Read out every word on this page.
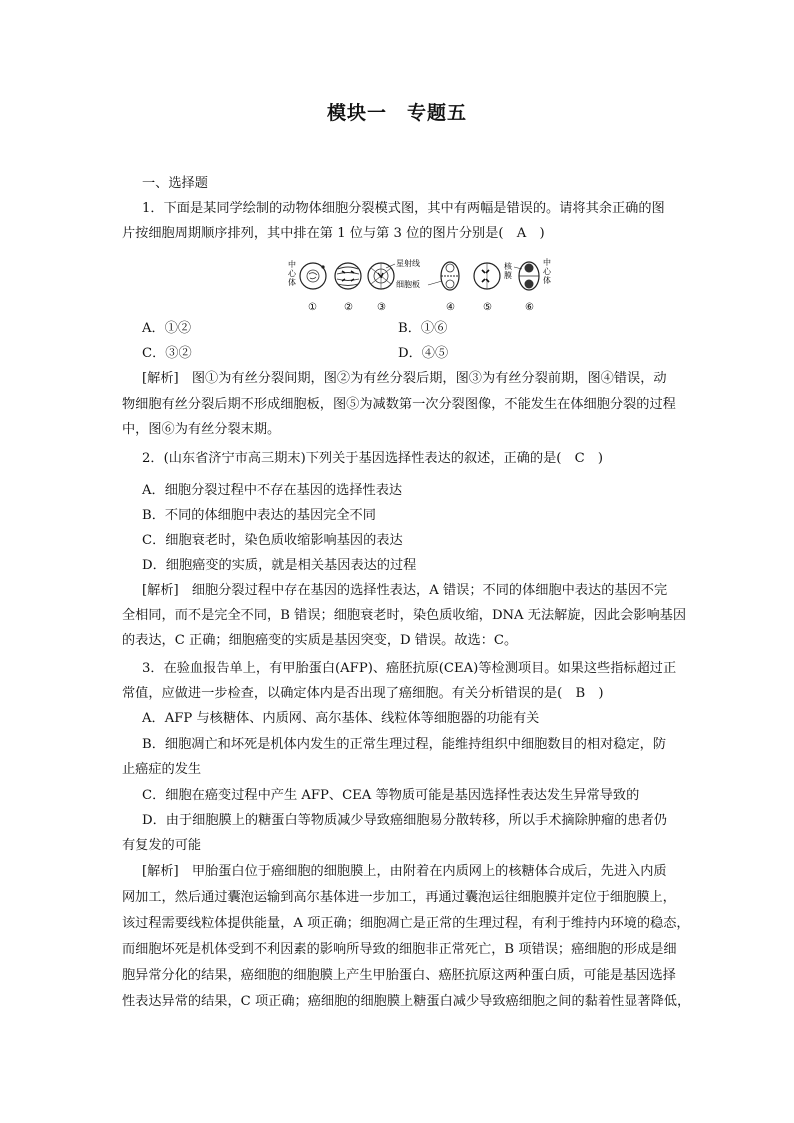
模块一　专题五
一、选择题
1．下面是某同学绘制的动物体细胞分裂模式图，其中有两幅是错误的。请将其余正确的图
片按细胞周期顺序排列，其中排在第 1 位与第 3 位的图片分别是(　A　)
中 心 体
星射线
细胞板
核 膜
中 心 体
①	② ③	④	⑤	⑥
A．①②	B．①⑥
C．③②	D．④⑤
[解析]　图①为有丝分裂间期，图②为有丝分裂后期，图③为有丝分裂前期，图④错误，动
物细胞有丝分裂后期不形成细胞板，图⑤为减数第一次分裂图像，不能发生在体细胞分裂的过程
中，图⑥为有丝分裂末期。
2．(山东省济宁市高三期末)下列关于基因选择性表达的叙述，正确的是(　C　)
A．细胞分裂过程中不存在基因的选择性表达
B．不同的体细胞中表达的基因完全不同
C．细胞衰老时，染色质收缩影响基因的表达
D．细胞癌变的实质，就是相关基因表达的过程
[解析]　细胞分裂过程中存在基因的选择性表达，A 错误；不同的体细胞中表达的基因不完
全相同，而不是完全不同，B 错误；细胞衰老时，染色质收缩，DNA 无法解旋，因此会影响基因
的表达，C 正确；细胞癌变的实质是基因突变，D 错误。故选：C。
3．在验血报告单上，有甲胎蛋白(AFP)、癌胚抗原(CEA)等检测项目。如果这些指标超过正
常值，应做进一步检查，以确定体内是否出现了癌细胞。有关分析错误的是(　B　)
A．AFP 与核糖体、内质网、高尔基体、线粒体等细胞器的功能有关
B．细胞凋亡和坏死是机体内发生的正常生理过程，能维持组织中细胞数目的相对稳定，防
止癌症的发生
C．细胞在癌变过程中产生 AFP、CEA 等物质可能是基因选择性表达发生异常导致的
D．由于细胞膜上的糖蛋白等物质减少导致癌细胞易分散转移，所以手术摘除肿瘤的患者仍
有复发的可能
[解析]　甲胎蛋白位于癌细胞的细胞膜上，由附着在内质网上的核糖体合成后，先进入内质
网加工，然后通过囊泡运输到高尔基体进一步加工，再通过囊泡运往细胞膜并定位于细胞膜上，
该过程需要线粒体提供能量，A 项正确；细胞凋亡是正常的生理过程，有利于维持内环境的稳态，
而细胞坏死是机体受到不利因素的影响所导致的细胞非正常死亡，B 项错误；癌细胞的形成是细
胞异常分化的结果，癌细胞的细胞膜上产生甲胎蛋白、癌胚抗原这两种蛋白质，可能是基因选择
性表达异常的结果，C 项正确；癌细胞的细胞膜上糖蛋白减少导致癌细胞之间的黏着性显著降低，
